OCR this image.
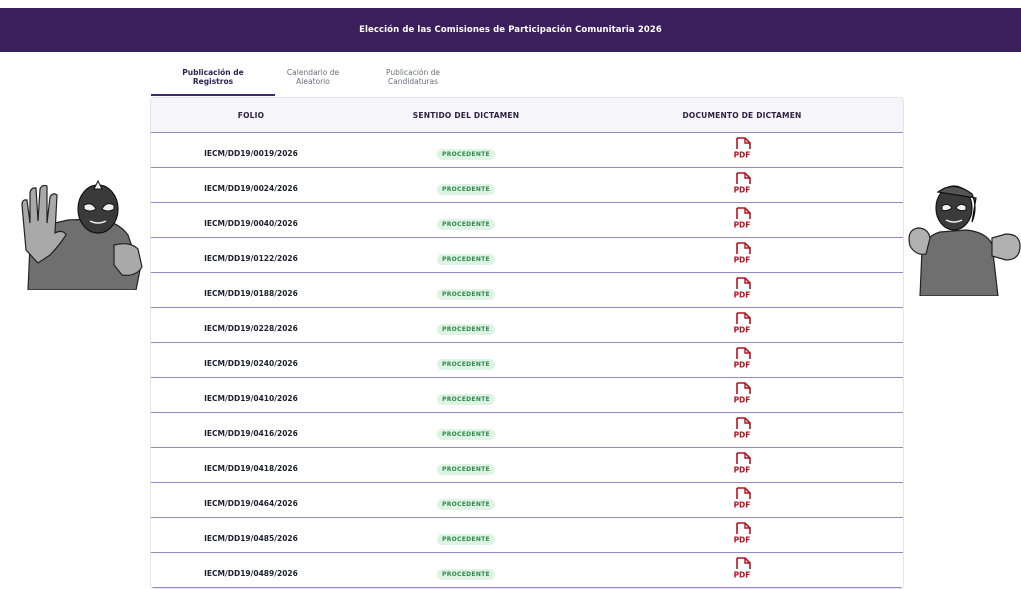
Elección de las Comisiones de Participación Comunitaria 2026
Publicación de
Registros
Calendario de
Aleatorio
Publicación de
Candidaturas
FOLIO	SENTIDO DEL DICTAMEN	DOCUMENTO DE DICTAMEN
IECM/DD19/0019/2026	PROCEDENTE	PDF
IECM/DD19/0024/2026	PROCEDENTE	PDF
IECM/DD19/0040/2026	PROCEDENTE	PDF
IECM/DD19/0122/2026	PROCEDENTE	PDF
IECM/DD19/0188/2026	PROCEDENTE	PDF
IECM/DD19/0228/2026	PROCEDENTE	PDF
IECM/DD19/0240/2026	PROCEDENTE	PDF
IECM/DD19/0410/2026	PROCEDENTE	PDF
IECM/DD19/0416/2026	PROCEDENTE	PDF
IECM/DD19/0418/2026	PROCEDENTE	PDF
IECM/DD19/0464/2026	PROCEDENTE	PDF
IECM/DD19/0485/2026	PROCEDENTE	PDF
IECM/DD19/0489/2026	PROCEDENTE	PDF
